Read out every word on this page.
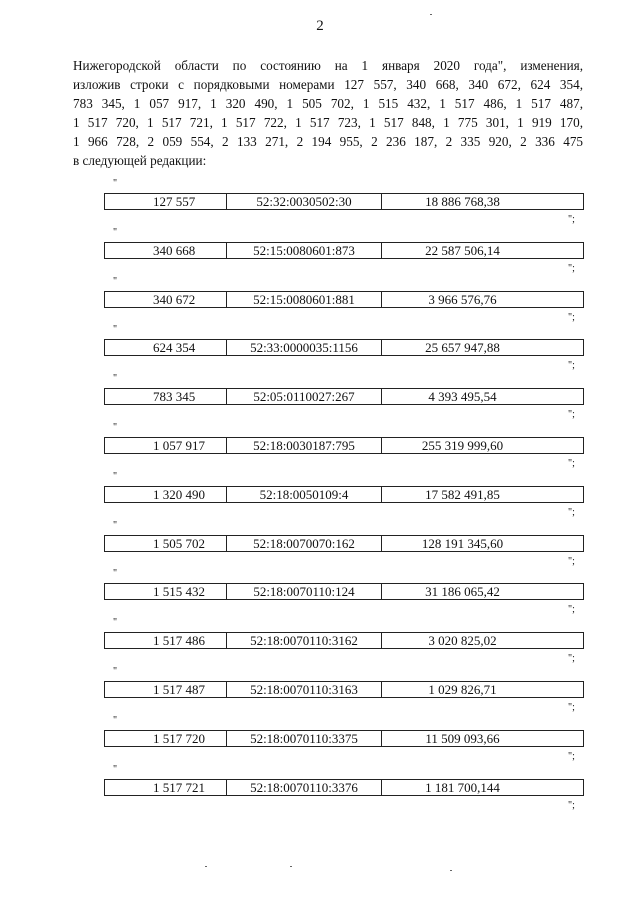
2
Нижегородской области по состоянию на 1 января 2020 года", изменения,
изложив строки с порядковыми номерами 127 557, 340 668, 340 672, 624 354,
783 345, 1 057 917, 1 320 490, 1 505 702, 1 515 432, 1 517 486, 1 517 487,
1 517 720, 1 517 721, 1 517 722, 1 517 723, 1 517 848, 1 775 301, 1 919 170,
1 966 728, 2 059 554, 2 133 271, 2 194 955, 2 236 187, 2 335 920, 2 336 475
в следующей редакции:
"
127 557	52:32:0030502:30	18 886 768,38
";
"
340 668	52:15:0080601:873	22 587 506,14
";
"
340 672	52:15:0080601:881	3 966 576,76
";
"
624 354	52:33:0000035:1156	25 657 947,88
";
"
783 345	52:05:0110027:267	4 393 495,54
";
"
1 057 917	52:18:0030187:795	255 319 999,60
";
"
1 320 490	52:18:0050109:4	17 582 491,85
";
"
1 505 702	52:18:0070070:162	128 191 345,60
";
"
1 515 432	52:18:0070110:124	31 186 065,42
";
"
1 517 486	52:18:0070110:3162	3 020 825,02
";
"
1 517 487	52:18:0070110:3163	1 029 826,71
";
"
1 517 720	52:18:0070110:3375	11 509 093,66
";
"
1 517 721	52:18:0070110:3376	1 181 700,144
";
